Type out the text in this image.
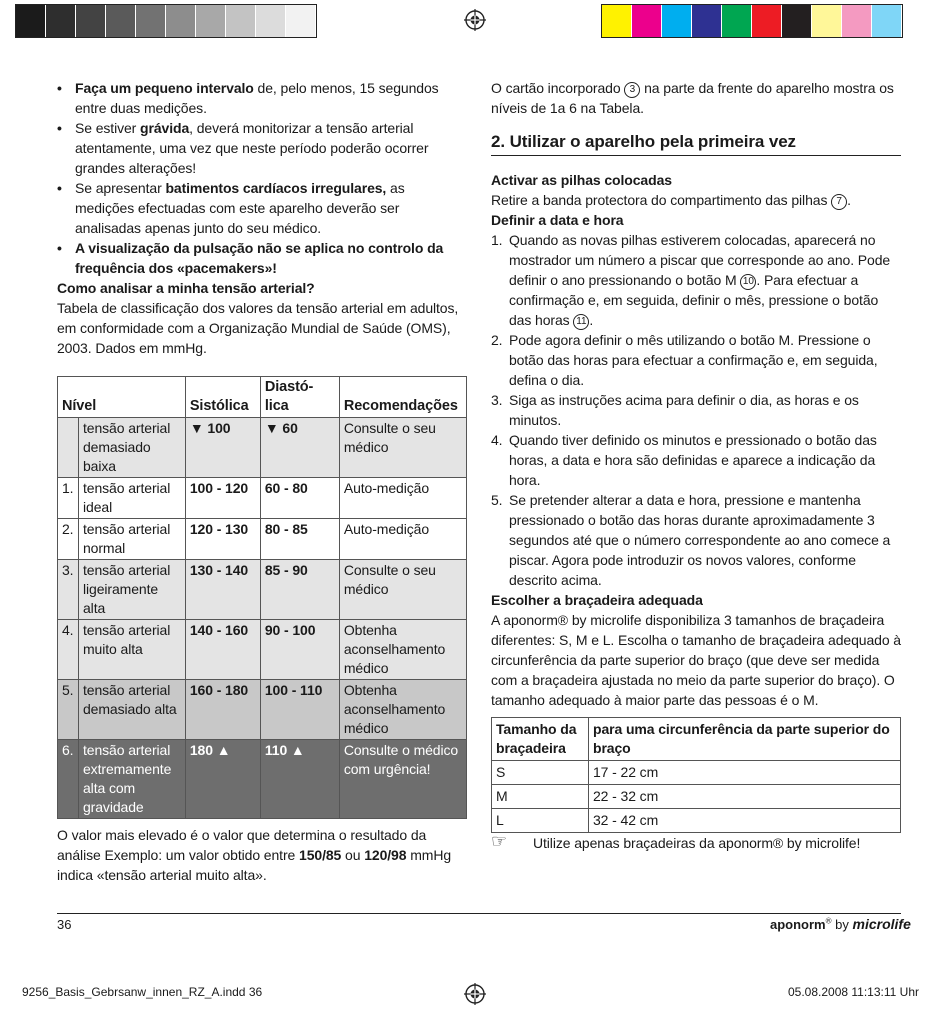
• Faça um pequeno intervalo de, pelo menos, 15 segundos entre duas medições.
• Se estiver grávida, deverá monitorizar a tensão arterial atentamente, uma vez que neste período poderão ocorrer grandes alterações!
• Se apresentar batimentos cardíacos irregulares, as medições efectuadas com este aparelho deverão ser analisadas apenas junto do seu médico.
• A visualização da pulsação não se aplica no controlo da frequência dos «pacemakers»!

Como analisar a minha tensão arterial?

Tabela de classificação dos valores da tensão arterial em adultos, em conformidade com a Organização Mundial de Saúde (OMS), 2003. Dados em mmHg.

Nível		Sistólica	Diastó-lica	Recomendações
	tensão arterial demasiado baixa	▼ 100	▼ 60	Consulte o seu médico
1.	tensão arterial ideal	100 - 120	60 - 80	Auto-medição
2.	tensão arterial normal	120 - 130	80 - 85	Auto-medição
3.	tensão arterial ligeiramente alta	130 - 140	85 - 90	Consulte o seu médico
4.	tensão arterial muito alta	140 - 160	90 - 100	Obtenha aconselhamento médico
5.	tensão arterial demasiado alta	160 - 180	100 - 110	Obtenha aconselhamento médico
6.	tensão arterial extremamente alta com gravidade	180 ▲	110 ▲	Consulte o médico com urgência!

O valor mais elevado é o valor que determina o resultado da análise Exemplo: um valor obtido entre 150/85 ou 120/98 mmHg indica «tensão arterial muito alta».

O cartão incorporado 3 na parte da frente do aparelho mostra os níveis de 1a 6 na Tabela.

2. Utilizar o aparelho pela primeira vez

Activar as pilhas colocadas

Retire a banda protectora do compartimento das pilhas 7 .

Definir a data e hora

1. Quando as novas pilhas estiverem colocadas, aparecerá no mostrador um número a piscar que corresponde ao ano. Pode definir o ano pressionando o botão M 10 . Para efectuar a confirmação e, em seguida, definir o mês, pressione o botão das horas 11 .
2. Pode agora definir o mês utilizando o botão M. Pressione o botão das horas para efectuar a confirmação e, em seguida, defina o dia.
3. Siga as instruções acima para definir o dia, as horas e os minutos.
4. Quando tiver definido os minutos e pressionado o botão das horas, a data e hora são definidas e aparece a indicação da hora.
5. Se pretender alterar a data e hora, pressione e mantenha pressionado o botão das horas durante aproximadamente 3 segundos até que o número correspondente ao ano comece a piscar. Agora pode introduzir os novos valores, conforme descrito acima.

Escolher a braçadeira adequada

A aponorm® by microlife disponibiliza 3 tamanhos de braçadeira diferentes: S, M e L. Escolha o tamanho de braçadeira adequado à circunferência da parte superior do braço (que deve ser medida com a braçadeira ajustada no meio da parte superior do braço). O tamanho adequado à maior parte das pessoas é o M.

Tamanho da braçadeira	para uma circunferência da parte superior do braço
S	17 - 22 cm
M	22 - 32 cm
L	32 - 42 cm

☞ Utilize apenas braçadeiras da aponorm® by microlife!

36	aponorm® by microlife
9256_Basis_Gebrsanw_innen_RZ_A.indd 36	05.08.2008 11:13:11 Uhr
